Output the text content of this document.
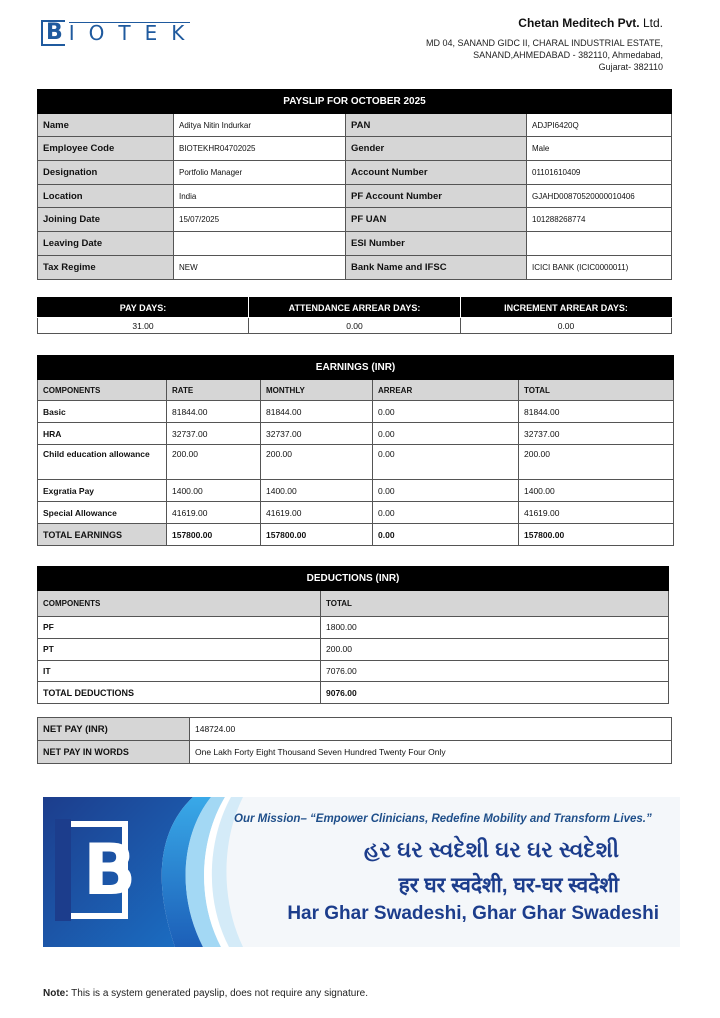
B IOTEK	Chetan Meditech Pvt. Ltd.
MD 04, SANAND GIDC II, CHARAL INDUSTRIAL ESTATE,
SANAND,AHMEDABAD - 382110, Ahmedabad,
Gujarat- 382110
PAYSLIP FOR OCTOBER 2025			
Name	Aditya Nitin Indurkar	PAN	ADJPI6420Q
Employee Code	BIOTEKHR04702025	Gender	Male
Designation	Portfolio Manager	Account Number	01101610409
Location	India	PF Account Number	GJAHD00870520000010406
Joining Date	15/07/2025	PF UAN	101288268774
Leaving Date		ESI Number	
Tax Regime	NEW	Bank Name and IFSC	ICICI BANK (ICIC0000011)
PAY DAYS:	ATTENDANCE ARREAR DAYS:	INCREMENT ARREAR DAYS:
31.00	0.00	0.00
EARNINGS (INR)				
COMPONENTS	RATE	MONTHLY	ARREAR	TOTAL
Basic	81844.00	81844.00	0.00	81844.00
HRA	32737.00	32737.00	0.00	32737.00
Child education allowance	200.00	200.00	0.00	200.00
Exgratia Pay	1400.00	1400.00	0.00	1400.00
Special Allowance	41619.00	41619.00	0.00	41619.00
TOTAL EARNINGS	157800.00	157800.00	0.00	157800.00
DEDUCTIONS (INR)	
COMPONENTS	TOTAL
PF	1800.00
PT	200.00
IT	7076.00
TOTAL DEDUCTIONS	9076.00
NET PAY (INR)	148724.00
NET PAY IN WORDS	One Lakh Forty Eight Thousand Seven Hundred Twenty Four Only
B
Our Mission– “Empower Clinicians, Redefine Mobility and Transform Lives.”
હર ઘર સ્વદેશી ઘર ઘર સ્વદેશી
हर घर स्वदेशी, घर-घर स्वदेशी
Har Ghar Swadeshi, Ghar Ghar Swadeshi
Note: This is a system generated payslip, does not require any signature.
